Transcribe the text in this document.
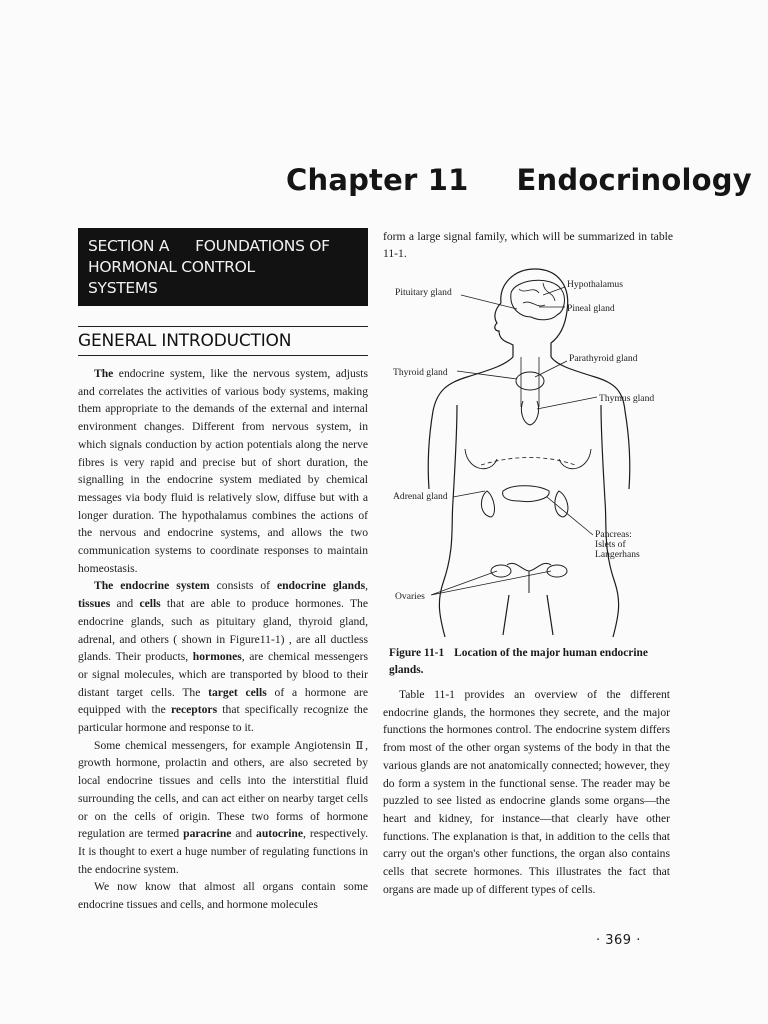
Chapter 11 Endocrinology
SECTION A FOUNDATIONS OF
HORMONAL CONTROL
SYSTEMS
GENERAL INTRODUCTION

The endocrine system, like the nervous system, adjusts and correlates the activities of various body systems, making them appropriate to the demands of the external and internal environment changes. Different from nervous system, in which signals conduction by action potentials along the nerve fibres is very rapid and precise but of short duration, the signalling in the endocrine system mediated by chemical messages via body fluid is relatively slow, diffuse but with a longer duration. The hypothalamus combines the actions of the nervous and endocrine systems, and allows the two communication systems to coordinate responses to maintain homeostasis.

The endocrine system consists of endocrine glands, tissues and cells that are able to produce hormones. The endocrine glands, such as pituitary gland, thyroid gland, adrenal, and others ( shown in Figure11-1) , are all ductless glands. Their products, hormones, are chemical messengers or signal molecules, which are transported by blood to their distant target cells. The target cells of a hormone are equipped with the receptors that specifically recognize the particular hormone and response to it.

Some chemical messengers, for example Angiotensin Ⅱ, growth hormone, prolactin and others, are also secreted by local endocrine tissues and cells into the interstitial fluid surrounding the cells, and can act either on nearby target cells or on the cells of origin. These two forms of hormone regulation are termed paracrine and autocrine, respectively. It is thought to exert a huge number of regulating functions in the endocrine system.

We now know that almost all organs contain some endocrine tissues and cells, and hormone molecules

form a large signal family, which will be summarized in table 11-1.
Pituitary gland
Hypothalamus
Pineal gland
Parathyroid gland
Thyroid gland
Thymus gland
Adrenal gland
Pancreas:
Islets of
Langerhans
Ovaries
Figure 11-1 Location of the major human endocrine glands.

Table 11-1 provides an overview of the different endocrine glands, the hormones they secrete, and the major functions the hormones control. The endocrine system differs from most of the other organ systems of the body in that the various glands are not anatomically connected; however, they do form a system in the functional sense. The reader may be puzzled to see listed as endocrine glands some organs—the heart and kidney, for instance—that clearly have other functions. The explanation is that, in addition to the cells that carry out the organ's other functions, the organ also contains cells that secrete hormones. This illustrates the fact that organs are made up of different types of cells.

· 369 ·
